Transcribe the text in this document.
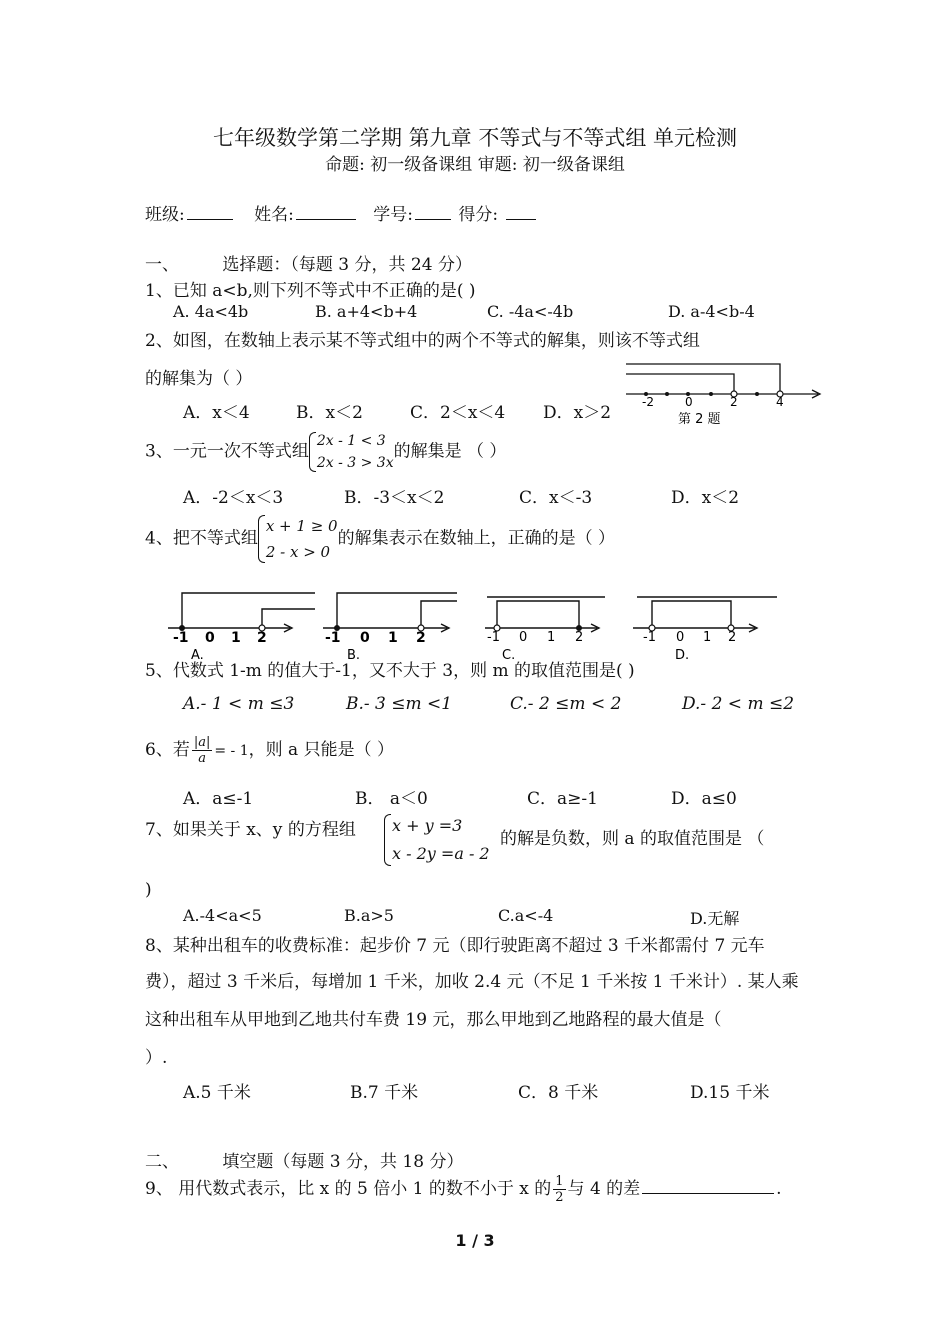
七年级数学第二学期 第九章 不等式与不等式组 单元检测
命题: 初一级备课组 审题: 初一级备课组
班级:	姓名:	学号:	得分:
一、	选择题：（每题 3 分，共 24 分）
1、已知 a<b,则下列不等式中不正确的是( )
A. 4a<4b	B. a+4<b+4	C. -4a<-4b	D. a-4<b-4
2、如图，在数轴上表示某不等式组中的两个不等式的解集，则该不等式组
的解集为（ ）
A．x＜4	B．x＜2	C．2＜x＜4 D．x＞2
-2	0	2	4
第 2 题
3、一元一次不等式组
2x - 1 < 3
2x - 3 > 3x
的解集是 （ ）
A．-2＜x＜3	B．-3＜x＜2	C．x＜-3	D．x＜2
4、把不等式组
x + 1 ≥ 0
2 - x > 0
的解集表示在数轴上，正确的是（ ）
-1 0 1 2	-1 0 1 2	-1 0 1 2	-1 0 1 2
A.	B.	C.	D.
5、代数式 1-m 的值大于-1，又不大于 3，则 m 的取值范围是( )
A.- 1 < m ≤3	B.- 3 ≤m <1	C.- 2 ≤m < 2	D.- 2 < m ≤2
6、若 $\frac{|a|}{a}$ = - 1，则 a 只能是（ ）
A．a≤-1	B． a＜0	C．a≥-1	D．a≤0
7、如果关于 x、y 的方程组 x + y =3
x - 2y =a - 2
的解是负数，则 a 的取值范围是 （
)
A.-4<a<5	B.a>5	C.a<-4	D.无解
8、某种出租车的收费标准：起步价 7 元（即行驶距离不超过 3 千米都需付 7 元车
费），超过 3 千米后，每增加 1 千米，加收 2.4 元（不足 1 千米按 1 千米计）. 某人乘
这种出租车从甲地到乙地共付车费 19 元，那么甲地到乙地路程的最大值是（
）.
A.5 千米	B.7 千米	C．8 千米	D.15 千米
二、	填空题（每题 3 分，共 18 分）
9、 用代数式表示，比 x 的 5 倍小 1 的数不小于 x 的 $\frac{1}{2}$ 与 4 的差	.
1 / 3
